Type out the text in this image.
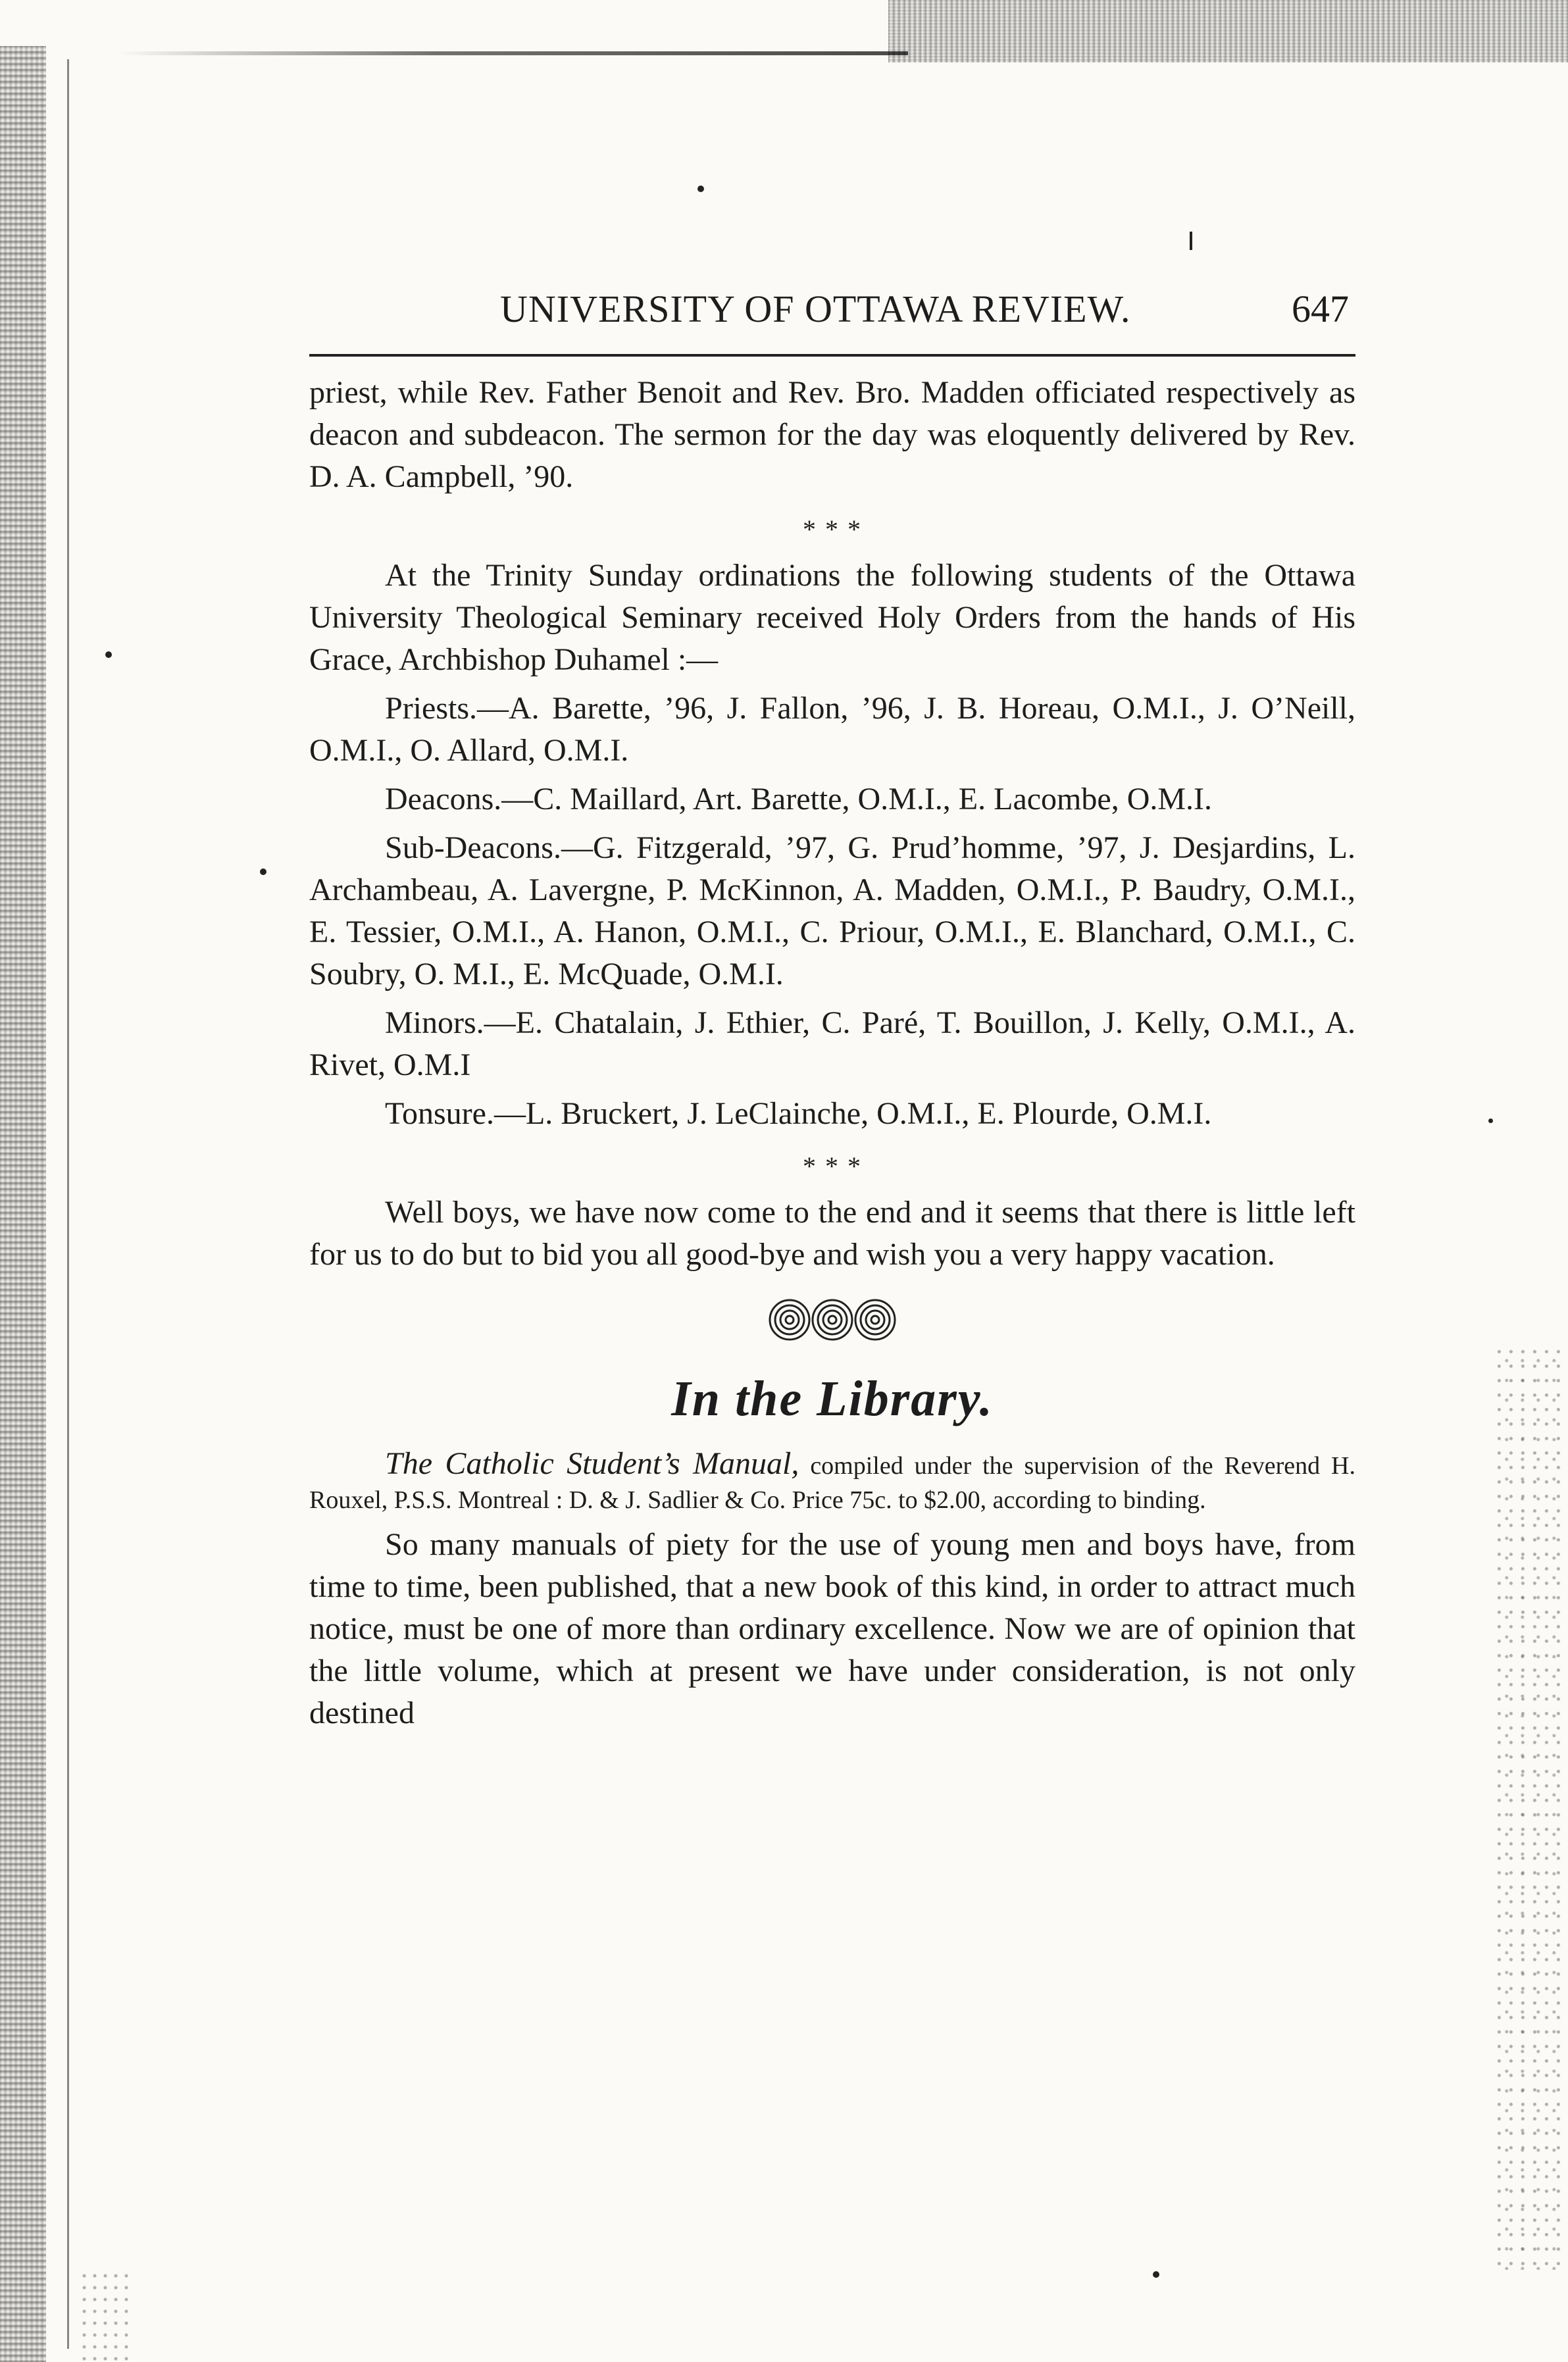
UNIVERSITY OF OTTAWA REVIEW.	647

priest, while Rev. Father Benoit and Rev. Bro. Madden officiated respectively as deacon and subdeacon. The sermon for the day was eloquently delivered by Rev. D. A. Campbell, ’90.

* * *

At the Trinity Sunday ordinations the following students of the Ottawa University Theological Seminary received Holy Orders from the hands of His Grace, Archbishop Duhamel :—

Priests.—A. Barette, ’96, J. Fallon, ’96, J. B. Horeau, O.M.I., J. O’Neill, O.M.I., O. Allard, O.M.I.

Deacons.—C. Maillard, Art. Barette, O.M.I., E. Lacombe, O.M.I.

Sub-Deacons.—G. Fitzgerald, ’97, G. Prud’homme, ’97, J. Desjardins, L. Archambeau, A. Lavergne, P. McKinnon, A. Madden, O.M.I., P. Baudry, O.M.I., E. Tessier, O.M.I., A. Hanon, O.M.I., C. Priour, O.M.I., E. Blanchard, O.M.I., C. Soubry, O. M.I., E. McQuade, O.M.I.

Minors.—E. Chatalain, J. Ethier, C. Paré, T. Bouillon, J. Kelly, O.M.I., A. Rivet, O.M.I

Tonsure.—L. Bruckert, J. LeClainche, O.M.I., E. Plourde, O.M.I.

* * *

Well boys, we have now come to the end and it seems that there is little left for us to do but to bid you all good-bye and wish you a very happy vacation.

In the Library.

The Catholic Student’s Manual, compiled under the supervision of the Reverend H. Rouxel, P.S.S. Montreal : D. & J. Sadlier & Co. Price 75c. to $2.00, according to binding.

So many manuals of piety for the use of young men and boys have, from time to time, been published, that a new book of this kind, in order to attract much notice, must be one of more than ordinary excellence. Now we are of opinion that the little volume, which at present we have under consideration, is not only destined
